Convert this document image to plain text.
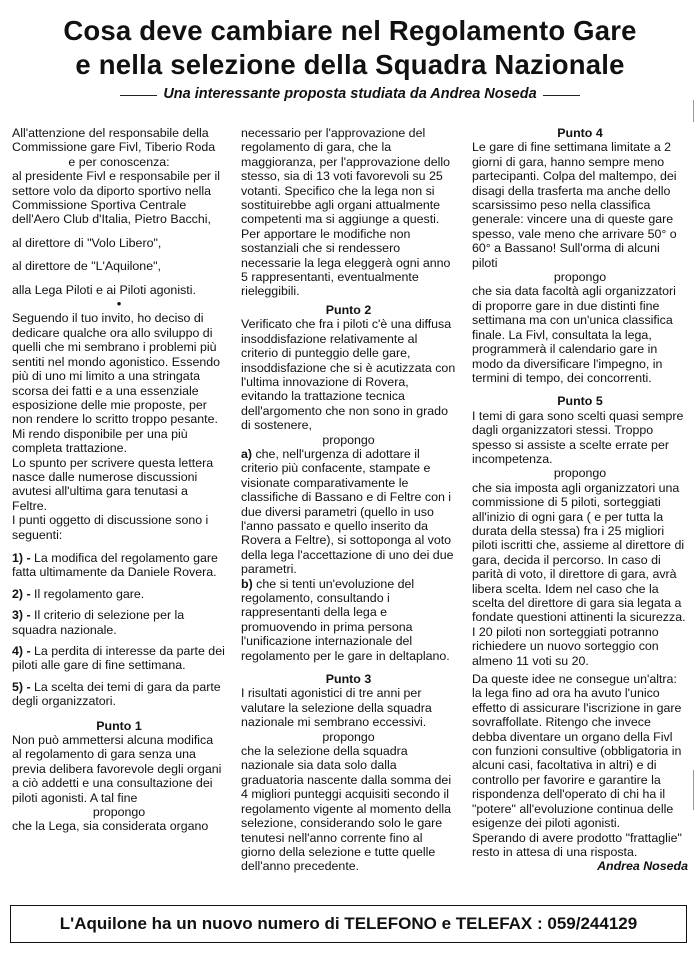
Cosa deve cambiare nel Regolamento Gare
e nella selezione della Squadra Nazionale
Una interessante proposta studiata da Andrea Noseda

All'attenzione del responsabile della Commissione gare Fivl, Tiberio Roda

e per conoscenza:

al presidente Fivl e responsabile per il settore volo da diporto sportivo nella Commissione Sportiva Centrale dell'Aero Club d'Italia, Pietro Bacchi,

al direttore di "Volo Libero",

al direttore de "L'Aquilone",

alla Lega Piloti e ai Piloti agonisti.

•

Seguendo il tuo invito, ho deciso di dedicare qualche ora allo sviluppo di quelli che mi sembrano i problemi più sentiti nel mondo agonistico. Essendo più di uno mi limito a una stringata scorsa dei fatti e a una essenziale esposizione delle mie proposte, per non rendere lo scritto troppo pesante. Mi rendo disponibile per una più completa trattazione.

Lo spunto per scrivere questa lettera nasce dalle numerose discussioni avutesi all'ultima gara tenutasi a Feltre.

I punti oggetto di discussione sono i seguenti:

1) - La modifica del regolamento gare fatta ultimamente da Daniele Rovera.

2) - Il regolamento gare.

3) - Il criterio di selezione per la squadra nazionale.

4) - La perdita di interesse da parte dei piloti alle gare di fine settimana.

5) - La scelta dei temi di gara da parte degli organizzatori.

Punto 1

Non può ammettersi alcuna modifica al regolamento di gara senza una previa delibera favorevole degli organi a ciò addetti e una consultazione dei piloti agonisti. A tal fine

propongo

che la Lega, sia considerata organo

necessario per l'approvazione del regolamento di gara, che la maggioranza, per l'approvazione dello stesso, sia di 13 voti favorevoli su 25 votanti. Specifico che la lega non si sostituirebbe agli organi attualmente competenti ma si aggiunge a questi. Per apportare le modifiche non sostanziali che si rendessero necessarie la lega eleggerà ogni anno 5 rappresentanti, eventualmente rieleggibili.

Punto 2

Verificato che fra i piloti c'è una diffusa insoddisfazione relativamente al criterio di punteggio delle gare, insoddisfazione che si è acutizzata con l'ultima innovazione di Rovera, evitando la trattazione tecnica dell'argomento che non sono in grado di sostenere,

propongo

a) che, nell'urgenza di adottare il criterio più confacente, stampate e visionate comparativamente le classifiche di Bassano e di Feltre con i due diversi parametri (quello in uso l'anno passato e quello inserito da Rovera a Feltre), si sottoponga al voto della lega l'accettazione di uno dei due parametri.

b) che si tenti un'evoluzione del regolamento, consultando i rappresentanti della lega e promuovendo in prima persona l'unificazione internazionale del regolamento per le gare in deltaplano.

Punto 3

I risultati agonistici di tre anni per valutare la selezione della squadra nazionale mi sembrano eccessivi.

propongo

che la selezione della squadra nazionale sia data solo dalla graduatoria nascente dalla somma dei 4 migliori punteggi acquisiti secondo il regolamento vigente al momento della selezione, considerando solo le gare tenutesi nell'anno corrente fino al giorno della selezione e tutte quelle dell'anno precedente.

Punto 4

Le gare di fine settimana limitate a 2 giorni di gara, hanno sempre meno partecipanti. Colpa del maltempo, dei disagi della trasferta ma anche dello scarsissimo peso nella classifica generale: vincere una di queste gare spesso, vale meno che arrivare 50° o 60° a Bassano! Sull'orma di alcuni piloti

propongo

che sia data facoltà agli organizzatori di proporre gare in due distinti fine settimana ma con un'unica classifica finale. La Fivl, consultata la lega, programmerà il calendario gare in modo da diversificare l'impegno, in termini di tempo, dei concorrenti.

Punto 5

I temi di gara sono scelti quasi sempre dagli organizzatori stessi. Troppo spesso si assiste a scelte errate per incompetenza.

propongo

che sia imposta agli organizzatori una commissione di 5 piloti, sorteggiati all'inizio di ogni gara ( e per tutta la durata della stessa) fra i 25 migliori piloti iscritti che, assieme al direttore di gara, decida il percorso. In caso di parità di voto, il direttore di gara, avrà libera scelta. Idem nel caso che la scelta del direttore di gara sia legata a fondate questioni attinenti la sicurezza. I 20 piloti non sorteggiati potranno richiedere un nuovo sorteggio con almeno 11 voti su 20.

Da queste idee ne consegue un'altra: la lega fino ad ora ha avuto l'unico effetto di assicurare l'iscrizione in gare sovraffollate. Ritengo che invece debba diventare un organo della Fivl con funzioni consultive (obbligatoria in alcuni casi, facoltativa in altri) e di controllo per favorire e garantire la rispondenza dell'operato di chi ha il "potere" all'evoluzione continua delle esigenze dei piloti agonisti.

Sperando di avere prodotto "frattaglie" resto in attesa di una risposta.

Andrea Noseda

L'Aquilone ha un nuovo numero di TELEFONO e TELEFAX : 059/244129
